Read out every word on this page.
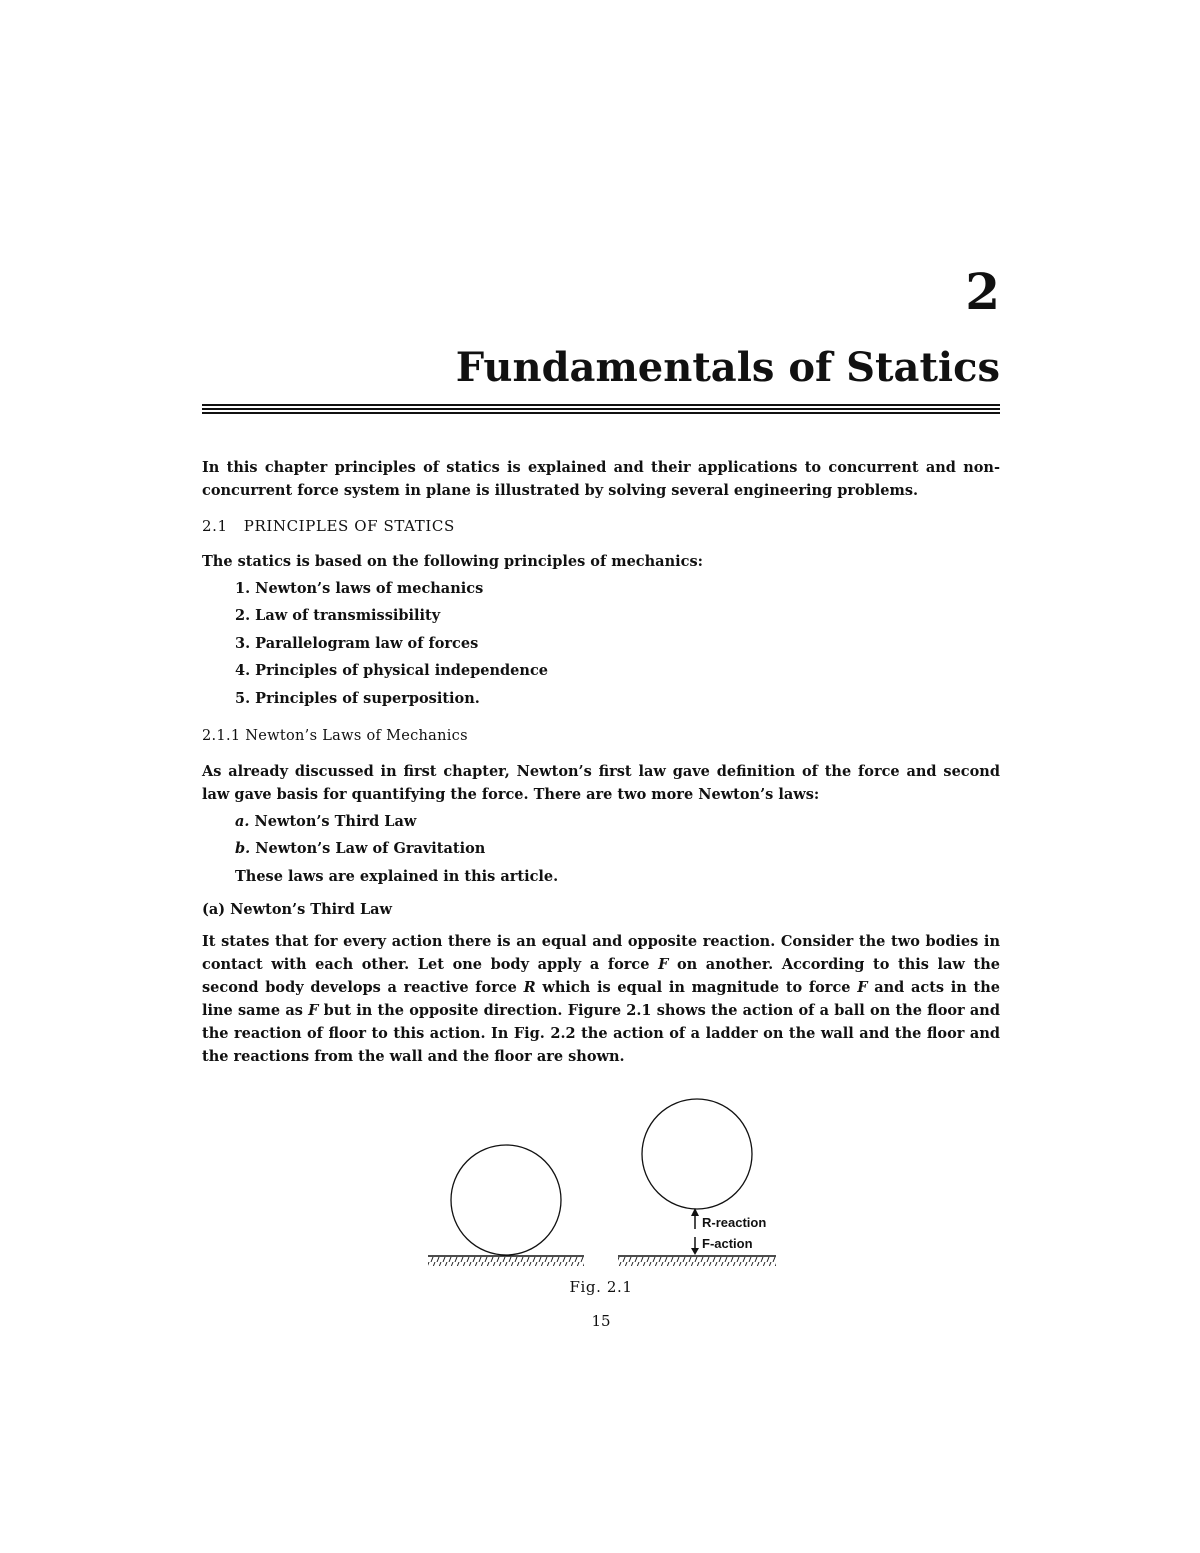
2
Fundamentals of Statics

In this chapter principles of statics is explained and their applications to concurrent and non-concurrent force system in plane is illustrated by solving several engineering problems.

2.1   PRINCIPLES OF STATICS

The statics is based on the following principles of mechanics:

1. Newton’s laws of mechanics
2. Law of transmissibility
3. Parallelogram law of forces
4. Principles of physical independence
5. Principles of superposition.
2.1.1 Newton’s Laws of Mechanics

As already discussed in first chapter, Newton’s first law gave definition of the force and second law gave basis for quantifying the force. There are two more Newton’s laws:

a. Newton’s Third Law
b. Newton’s Law of Gravitation
These laws are explained in this article.

(a) Newton’s Third Law

It states that for every action there is an equal and opposite reaction. Consider the two bodies in contact with each other. Let one body apply a force F on another. According to this law the second body develops a reactive force R which is equal in magnitude to force F and acts in the line same as F but in the opposite direction. Figure 2.1 shows the action of a ball on the floor and the reaction of floor to this action. In Fig. 2.2 the action of a ladder on the wall and the floor and the reactions from the wall and the floor are shown.

R-reaction
F-action
Fig. 2.1
15
